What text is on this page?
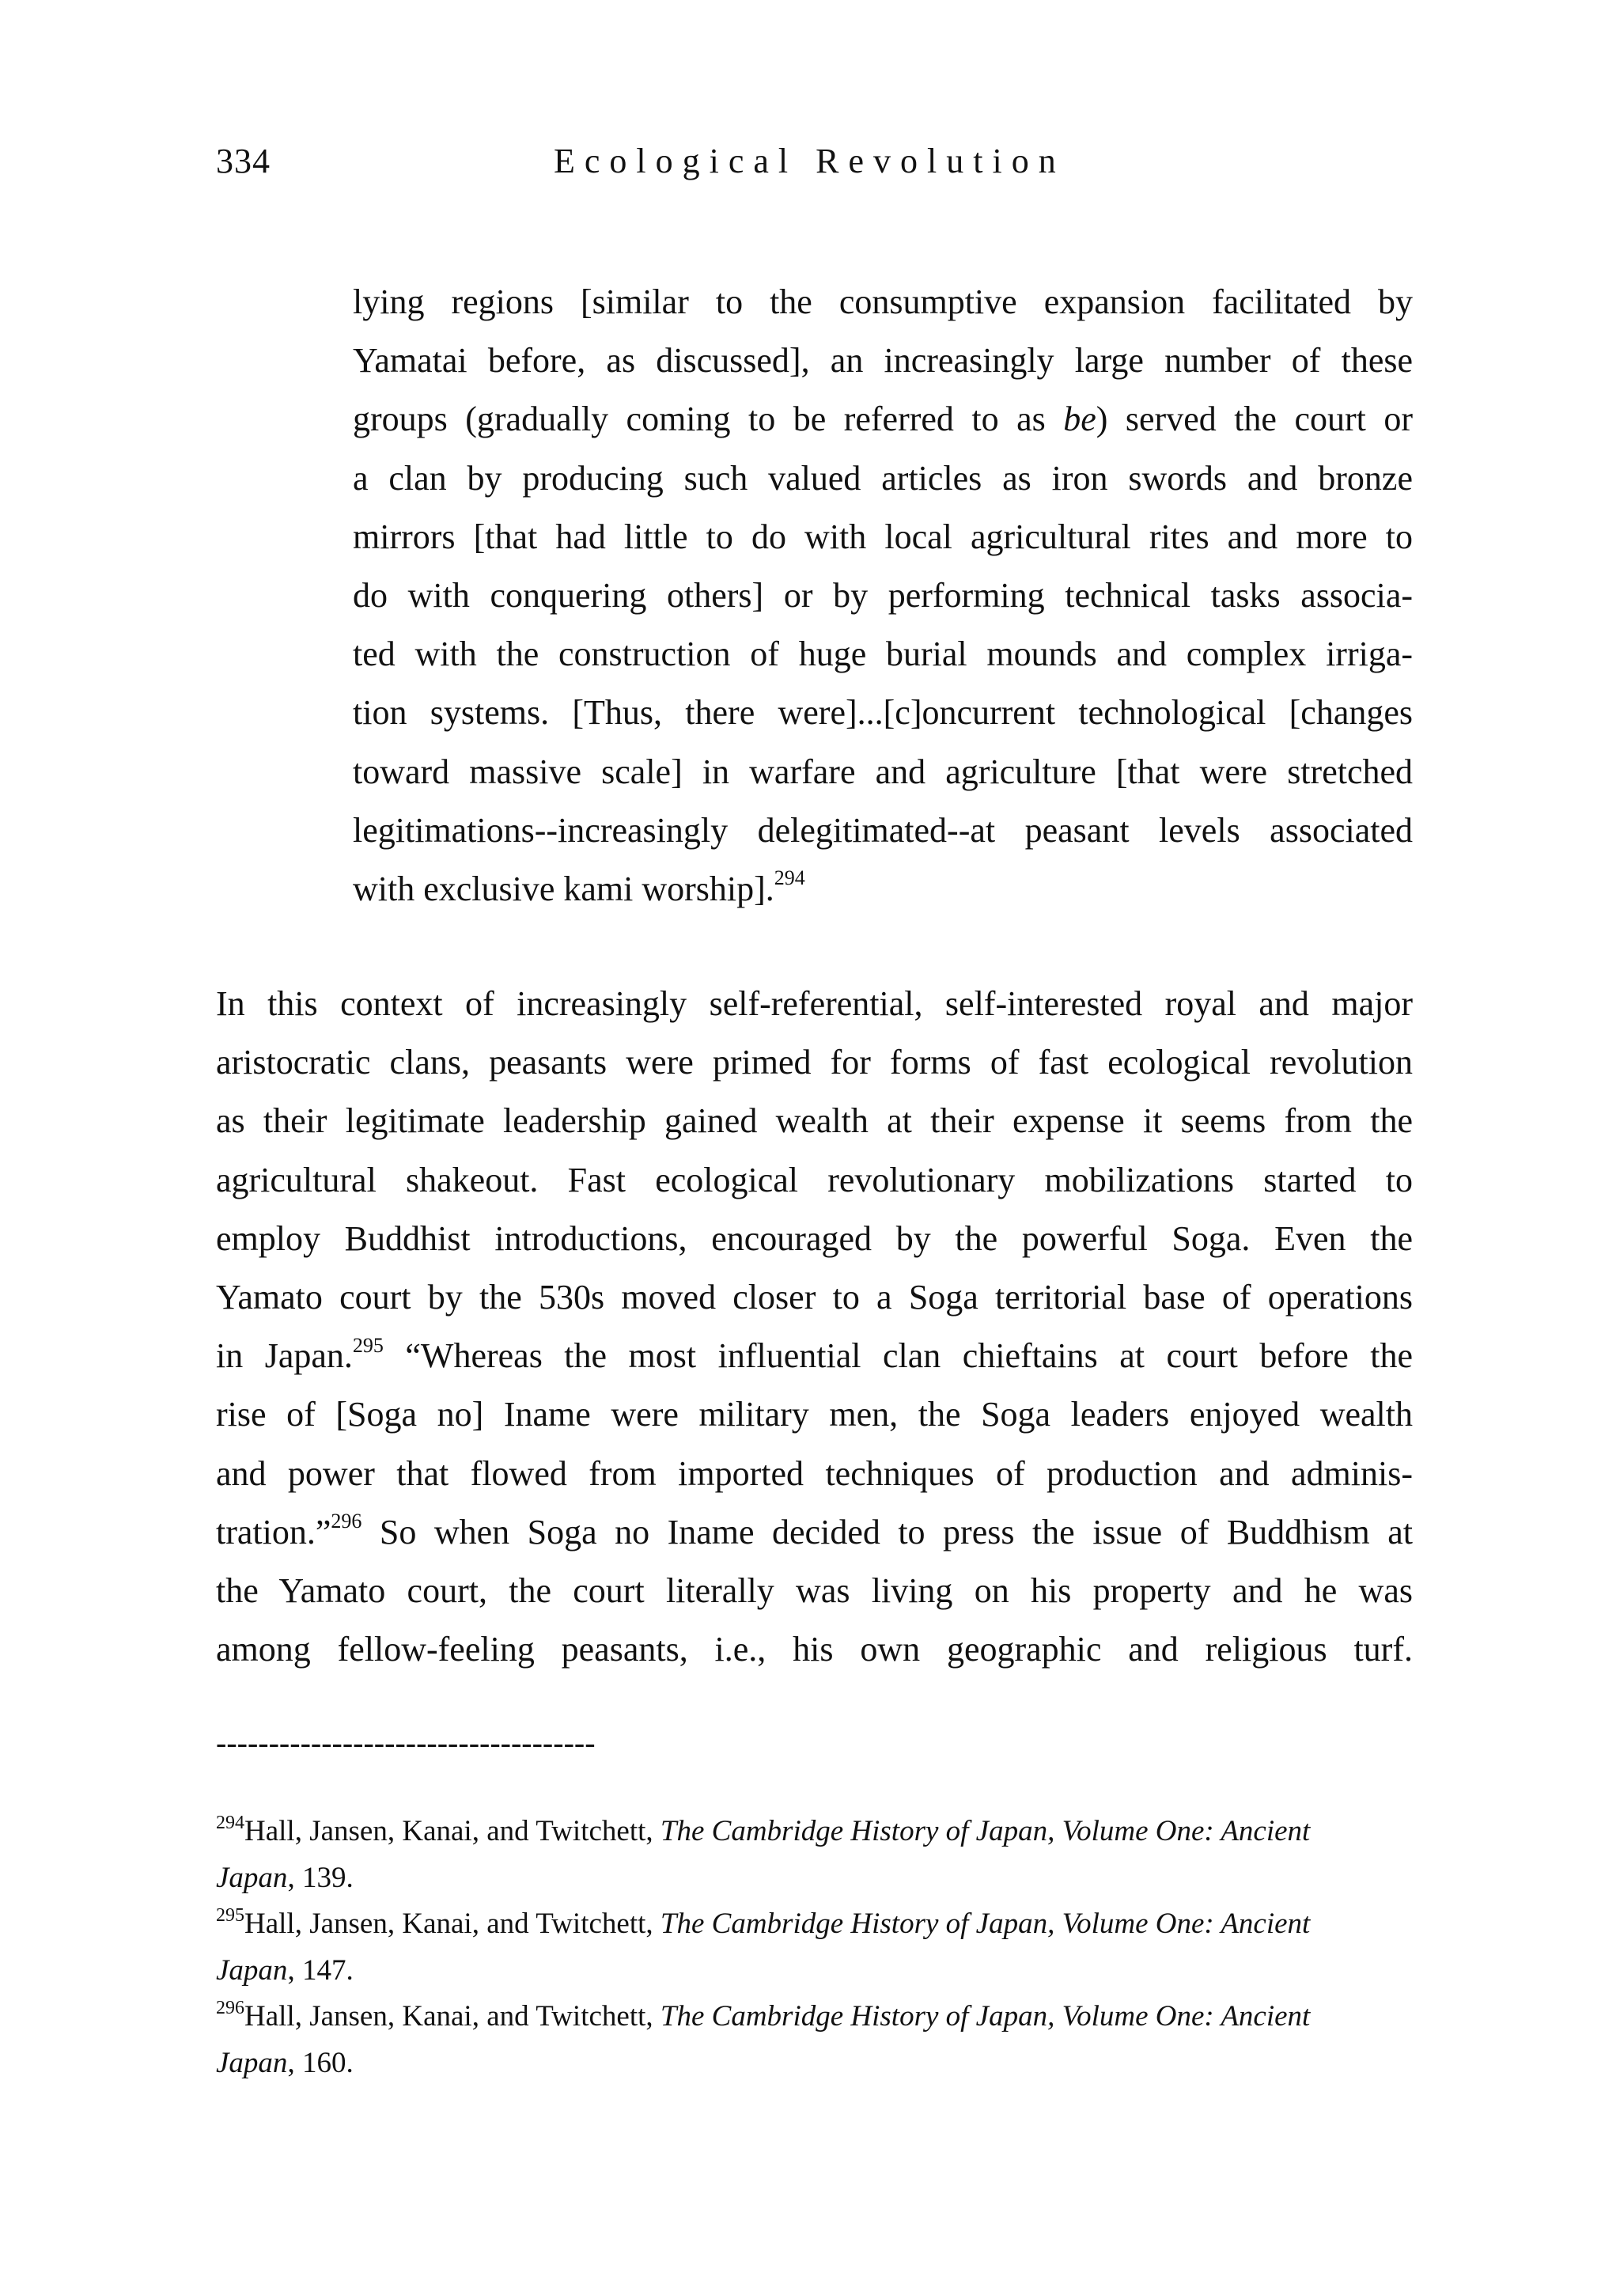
334	Ecological Revolution
lying regions [similar to the consumptive expansion facilitated by
Yamatai before, as discussed], an increasingly large number of these
groups (gradually coming to be referred to as be) served the court or
a clan by producing such valued articles as iron swords and bronze
mirrors [that had little to do with local agricultural rites and more to
do with conquering others] or by performing technical tasks associa-
ted with the construction of huge burial mounds and complex irriga-
tion systems. [Thus, there were]...[c]oncurrent technological [changes
toward massive scale] in warfare and agriculture [that were stretched
legitimations--increasingly delegitimated--at peasant levels associated
with exclusive kami worship].$^{294}$
In this context of increasingly self-referential, self-interested royal and major
aristocratic clans, peasants were primed for forms of fast ecological revolution
as their legitimate leadership gained wealth at their expense it seems from the
agricultural shakeout. Fast ecological revolutionary mobilizations started to
employ Buddhist introductions, encouraged by the powerful Soga. Even the
Yamato court by the 530s moved closer to a Soga territorial base of operations
in Japan.$^{295}$ “Whereas the most influential clan chieftains at court before the
rise of [Soga no] Iname were military men, the Soga leaders enjoyed wealth
and power that flowed from imported techniques of production and adminis-
tration.”$^{296}$ So when Soga no Iname decided to press the issue of Buddhism at
the Yamato court, the court literally was living on his property and he was
among fellow-feeling peasants, i.e., his own geographic and religious turf.
------------------------------------
$^{294}$Hall, Jansen, Kanai, and Twitchett, The Cambridge History of Japan, Volume One: Ancient
Japan, 139.
$^{295}$Hall, Jansen, Kanai, and Twitchett, The Cambridge History of Japan, Volume One: Ancient
Japan, 147.
$^{296}$Hall, Jansen, Kanai, and Twitchett, The Cambridge History of Japan, Volume One: Ancient
Japan, 160.
